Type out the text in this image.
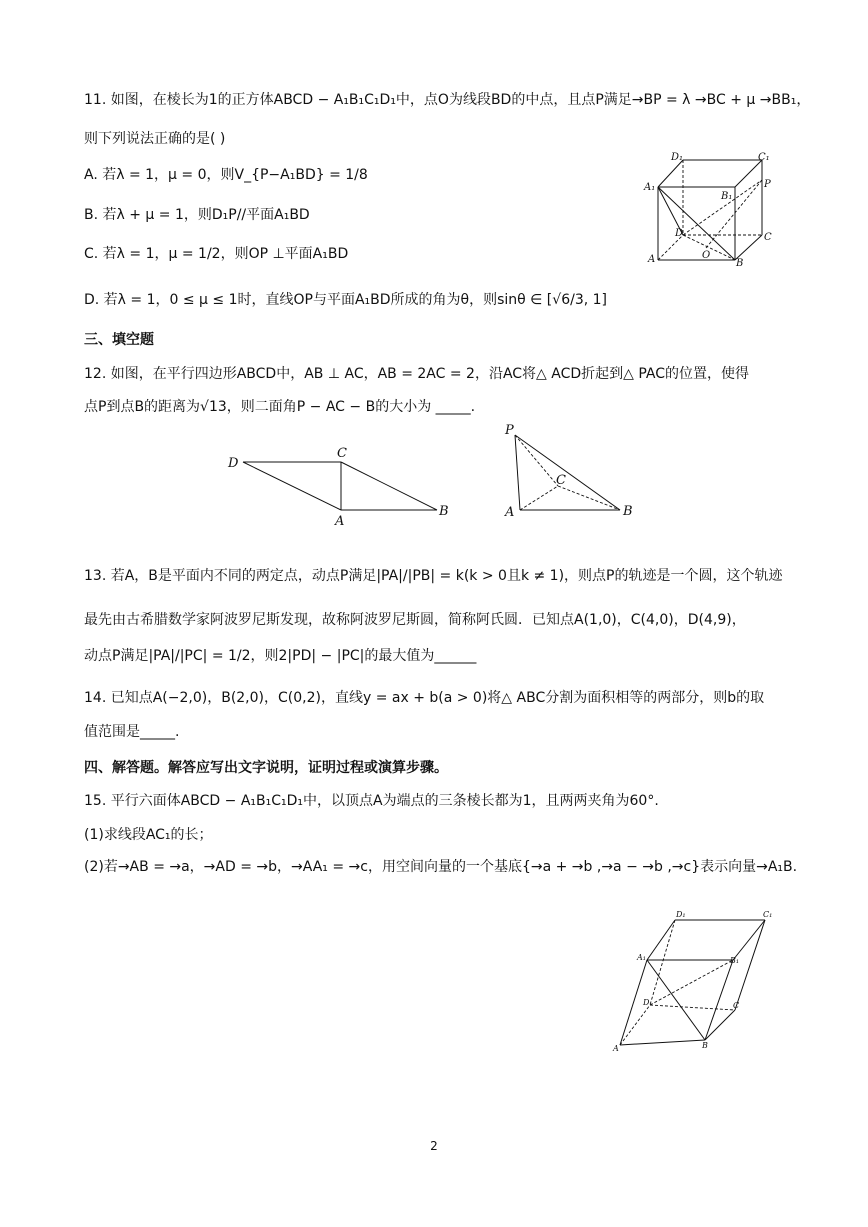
11. 如图，在棱长为1的正方体ABCD − A₁B₁C₁D₁中，点O为线段BD的中点，且点P满足→BP = λ →BC + μ →BB₁，
则下列说法正确的是( )
A. 若λ = 1，μ = 0，则V_{P−A₁BD} = 1/8
B. 若λ + μ = 1，则D₁P//平面A₁BD
C. 若λ = 1，μ = 1/2，则OP ⊥平面A₁BD
D. 若λ = 1，0 ≤ μ ≤ 1时，直线OP与平面A₁BD所成的角为θ，则sinθ ∈ [√6/3, 1]
D₁	C₁
A₁
B₁
P
D	C
A	O
B
三、填空题
12. 如图，在平行四边形ABCD中，AB ⊥ AC，AB = 2AC = 2，沿AC将△ ACD折起到△ PAC的位置，使得
点P到点B的距离为√13，则二面角P − AC − B的大小为 _____.
D
C
A
B
P
C
A	B
13. 若A，B是平面内不同的两定点，动点P满足|PA|/|PB| = k(k > 0且k ≠ 1)，则点P的轨迹是一个圆，这个轨迹
最先由古希腊数学家阿波罗尼斯发现，故称阿波罗尼斯圆，简称阿氏圆．已知点A(1,0)，C(4,0)，D(4,9)，
动点P满足|PA|/|PC| = 1/2，则2|PD| − |PC|的最大值为______
14. 已知点A(−2,0)，B(2,0)，C(0,2)，直线y = ax + b(a > 0)将△ ABC分割为面积相等的两部分，则b的取
值范围是_____.
四、解答题。解答应写出文字说明，证明过程或演算步骤。
15. 平行六面体ABCD − A₁B₁C₁D₁中，以顶点A为端点的三条棱长都为1，且两两夹角为60°.
(1)求线段AC₁的长；
(2)若→AB = →a，→AD = →b，→AA₁ = →c，用空间向量的一个基底{→a + →b ,→a − →b ,→c}表示向量→A₁B.
D₁	C₁
A₁	B₁
D	C
A	B
2
